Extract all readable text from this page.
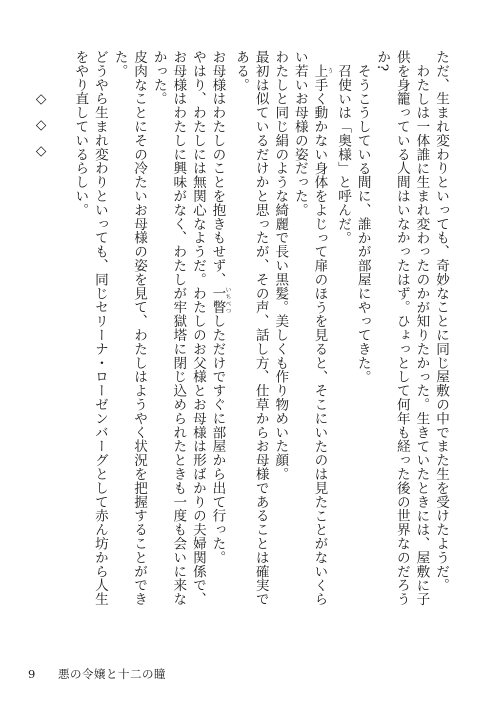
ただ、生まれ変わりといっても、奇妙なことに同じ屋敷の中でまた生を受けたようだ。

わたしは一体誰に生まれ変わったのかが知りたかった。生きていたときには、屋敷に子供を身籠っている人間はいなかったはず。ひょっとして何年も経った後の世界なのだろうか?

そうこうしている間に、誰かが部屋にやってきた。

召使いは「奥様」と呼んだ。

上う手く動かない身体をよじって扉のほうを見ると、そこにいたのは見たことがないくらい若いお母様の姿だった。

わたしと同じ絹のような綺麗で長い黒髪。美しくも作り物めいた顔。

最初は似ているだけかと思ったが、その声、話し方、仕草からお母様であることは確実である。

お母様はわたしのことを抱きもせず、一瞥いちべつしただけですぐに部屋から出て行った。

やはり、わたしには無関心なようだ。わたしのお父様とお母様は形ばかりの夫婦関係で、お母様はわたしに興味がなく、わたしが牢獄塔に閉じ込められたときも一度も会いに来なかった。

皮肉なことにその冷たいお母様の姿を見て、わたしはようやく状況を把握することができた。

どうやら生まれ変わりといっても、同じセリーナ・ローゼンバーグとして赤ん坊から人生をやり直しているらしい。

◇◇◇

9 悪の令嬢と十二の瞳
